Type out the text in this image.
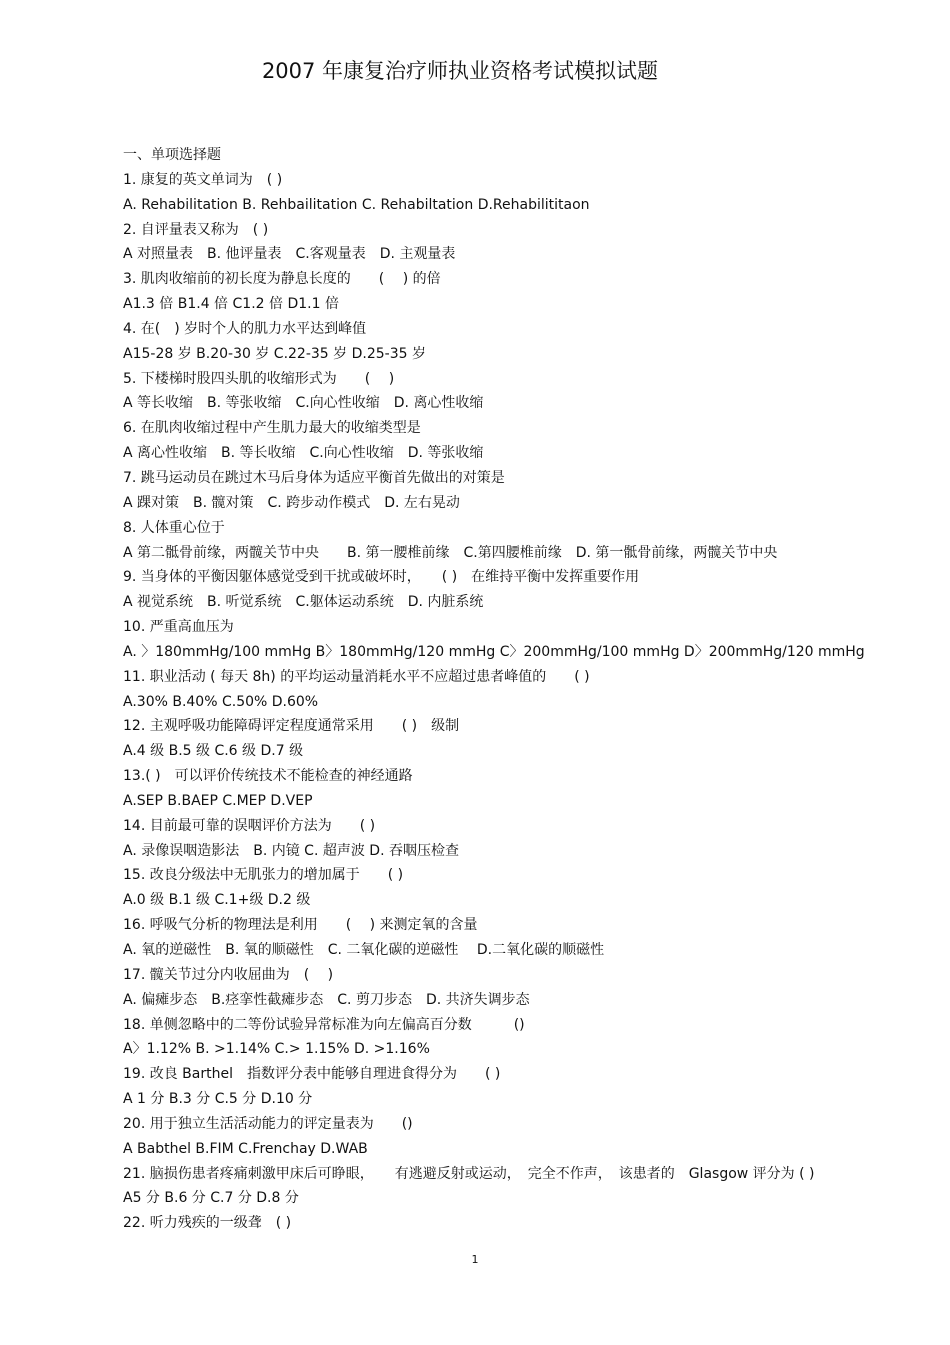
2007 年康复治疗师执业资格考试模拟试题
一、单项选择题
1. 康复的英文单词为　( )
A. Rehabilitation B. Rehbailitation C. Rehabiltation D.Rehabilititaon
2. 自评量表又称为　( )
A 对照量表　B. 他评量表　C.客观量表　D. 主观量表
3. 肌肉收缩前的初长度为静息长度的　　(　 ) 的倍
A1.3 倍 B1.4 倍 C1.2 倍 D1.1 倍
4. 在(　) 岁时个人的肌力水平达到峰值
A15-28 岁 B.20-30 岁 C.22-35 岁 D.25-35 岁
5. 下楼梯时股四头肌的收缩形式为　　(　 )
A 等长收缩　B. 等张收缩　C.向心性收缩　D. 离心性收缩
6. 在肌肉收缩过程中产生肌力最大的收缩类型是
A 离心性收缩　B. 等长收缩　C.向心性收缩　D. 等张收缩
7. 跳马运动员在跳过木马后身体为适应平衡首先做出的对策是
A 踝对策　B. 髋对策　C. 跨步动作模式　D. 左右晃动
8. 人体重心位于
A 第二骶骨前缘，两髋关节中央　　B. 第一腰椎前缘　C.第四腰椎前缘　D. 第一骶骨前缘，两髋关节中央
9. 当身体的平衡因躯体感觉受到干扰或破坏时，　　( )　在维持平衡中发挥重要作用
A 视觉系统　B. 听觉系统　C.躯体运动系统　D. 内脏系统
10. 严重高血压为
A. 〉180mmHg/100 mmHg B〉180mmHg/120 mmHg C〉200mmHg/100 mmHg D〉200mmHg/120 mmHg
11. 职业活动 ( 每天 8h) 的平均运动量消耗水平不应超过患者峰值的　　( )
A.30% B.40% C.50% D.60%
12. 主观呼吸功能障碍评定程度通常采用　　( )　级制
A.4 级 B.5 级 C.6 级 D.7 级
13.( )　可以评价传统技术不能检查的神经通路
A.SEP B.BAEP C.MEP D.VEP
14. 目前最可靠的误咽评价方法为　　( )
A. 录像误咽造影法　B. 内镜 C. 超声波 D. 吞咽压检查
15. 改良分级法中无肌张力的增加属于　　( )
A.0 级 B.1 级 C.1+级 D.2 级
16. 呼吸气分析的物理法是利用　　(　 ) 来测定氧的含量
A. 氧的逆磁性　B. 氧的顺磁性　C. 二氧化碳的逆磁性　 D.二氧化碳的顺磁性
17. 髋关节过分内收屈曲为　(　 )
A. 偏瘫步态　B.痉挛性截瘫步态　C. 剪刀步态　D. 共济失调步态
18. 单侧忽略中的二等份试验异常标准为向左偏高百分数　　　()
A〉1.12% B. >1.14% C.> 1.15% D. >1.16%
19. 改良 Barthel　指数评分表中能够自理进食得分为　　( )
A 1 分 B.3 分 C.5 分 D.10 分
20. 用于独立生活活动能力的评定量表为　　()
A Babthel B.FIM C.Frenchay D.WAB
21. 脑损伤患者疼痛刺激甲床后可睁眼，　　有逃避反射或运动，　完全不作声，　该患者的　Glasgow 评分为 ( )
A5 分 B.6 分 C.7 分 D.8 分
22. 听力残疾的一级聋　( )
1
